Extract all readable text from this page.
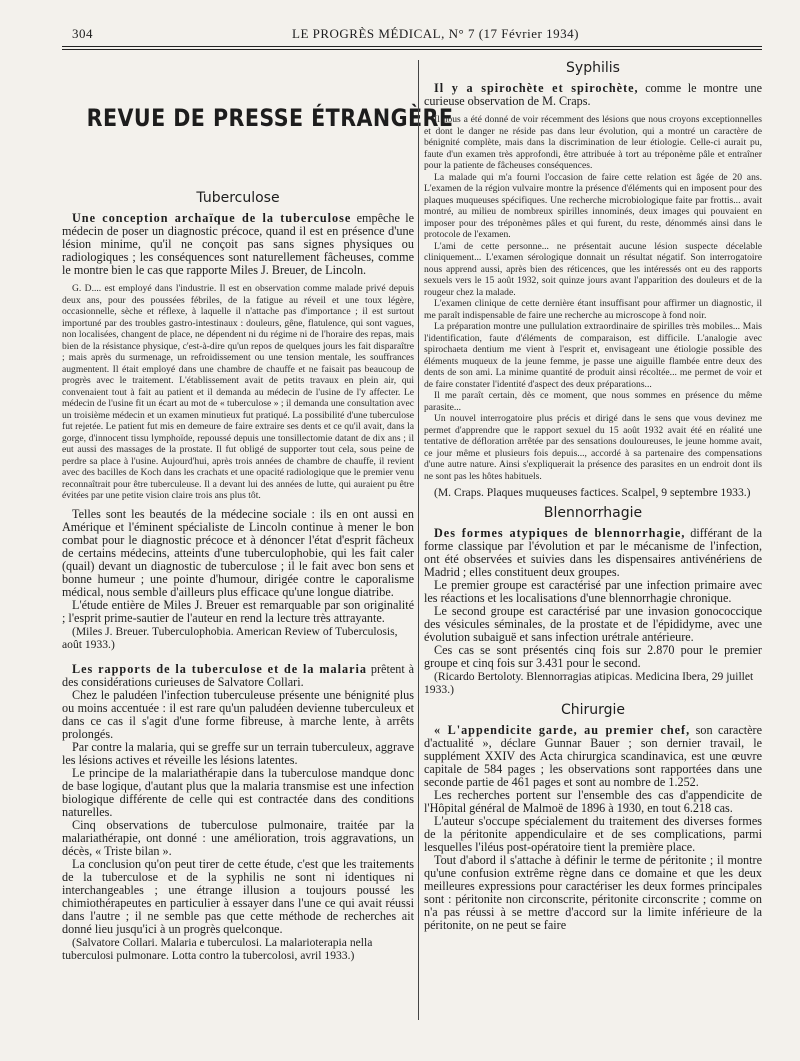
304	LE PROGRÈS MÉDICAL, N° 7 (17 Février 1934)
REVUE DE PRESSE ÉTRANGÈRE
Tuberculose

Une conception archaïque de la tuberculose empêche le médecin de poser un diagnostic précoce, quand il est en présence d'une lésion minime, qu'il ne conçoit pas sans signes physiques ou radiologiques ; les conséquences sont naturellement fâcheuses, comme le montre bien le cas que rapporte Miles J. Breuer, de Lincoln.

G. D.... est employé dans l'industrie. Il est en observation comme malade privé depuis deux ans, pour des poussées fébriles, de la fatigue au réveil et une toux légère, occasionnelle, sèche et réflexe, à laquelle il n'attache pas d'importance ; il est surtout importuné par des troubles gastro-intestinaux : douleurs, gêne, flatulence, qui sont vagues, non localisées, changent de place, ne dépendent ni du régime ni de l'horaire des repas, mais bien de la résistance physique, c'est-à-dire qu'un repos de quelques jours les fait disparaître ; mais après du surmenage, un refroidissement ou une tension mentale, les souffrances augmentent. Il était employé dans une chambre de chauffe et ne faisait pas beaucoup de progrès avec le traitement. L'établissement avait de petits travaux en plein air, qui convenaient tout à fait au patient et il demanda au médecin de l'usine de l'y affecter. Le médecin de l'usine fit un écart au mot de « tuberculose » ; il demanda une consultation avec un troisième médecin et un examen minutieux fut pratiqué. La possibilité d'une tuberculose fut rejetée. Le patient fut mis en demeure de faire extraire ses dents et ce qu'il avait, dans la gorge, d'innocent tissu lymphoïde, repoussé depuis une tonsillectomie datant de dix ans ; il eut aussi des massages de la prostate. Il fut obligé de supporter tout cela, sous peine de perdre sa place à l'usine. Aujourd'hui, après trois années de chambre de chauffe, il revient avec des bacilles de Koch dans les crachats et une opacité radiologique que le premier venu reconnaîtrait pour être tuberculeuse. Il a devant lui des années de lutte, qui auraient pu être évitées par une petite vision claire trois ans plus tôt.

Telles sont les beautés de la médecine sociale : ils en ont aussi en Amérique et l'éminent spécialiste de Lincoln continue à mener le bon combat pour le diagnostic précoce et à dénoncer l'état d'esprit fâcheux de certains médecins, atteints d'une tuberculophobie, qui les fait caler (quail) devant un diagnostic de tuberculose ; il le fait avec bon sens et bonne humeur ; une pointe d'humour, dirigée contre le caporalisme médical, nous semble d'ailleurs plus efficace qu'une longue diatribe.

L'étude entière de Miles J. Breuer est remarquable par son originalité ; l'esprit prime-sautier de l'auteur en rend la lecture très attrayante.

(Miles J. Breuer. Tuberculophobia. American Review of Tuberculosis, août 1933.)

Les rapports de la tuberculose et de la malaria prêtent à des considérations curieuses de Salvatore Collari.

Chez le paludéen l'infection tuberculeuse présente une bénignité plus ou moins accentuée : il est rare qu'un paludéen devienne tuberculeux et dans ce cas il s'agit d'une forme fibreuse, à marche lente, à arrêts prolongés.

Par contre la malaria, qui se greffe sur un terrain tuberculeux, aggrave les lésions actives et réveille les lésions latentes.

Le principe de la malariathérapie dans la tuberculose mandque donc de base logique, d'autant plus que la malaria transmise est une infection biologique différente de celle qui est contractée dans des conditions naturelles.

Cinq observations de tuberculose pulmonaire, traitée par la malariathérapie, ont donné : une amélioration, trois aggravations, un décès, « Triste bilan ».

La conclusion qu'on peut tirer de cette étude, c'est que les traitements de la tuberculose et de la syphilis ne sont ni identiques ni interchangeables ; une étrange illusion a toujours poussé les chimiothérapeutes en particulier à essayer dans l'une ce qui avait réussi dans l'autre ; il ne semble pas que cette méthode de recherches ait donné lieu jusqu'ici à un progrès quelconque.

(Salvatore Collari. Malaria e tuberculosi. La malarioterapia nella tuberculosi pulmonare. Lotta contro la tubercolosi, avril 1933.)

Syphilis

Il y a spirochète et spirochète, comme le montre une curieuse observation de M. Craps.

Il nous a été donné de voir récemment des lésions que nous croyons exceptionnelles et dont le danger ne réside pas dans leur évolution, qui a montré un caractère de bénignité complète, mais dans la discrimination de leur étiologie. Celle-ci aurait pu, faute d'un examen très approfondi, être attribuée à tort au tréponème pâle et entraîner pour la patiente de fâcheuses conséquences.

La malade qui m'a fourni l'occasion de faire cette relation est âgée de 20 ans. L'examen de la région vulvaire montre la présence d'éléments qui en imposent pour des plaques muqueuses spécifiques. Une recherche microbiologique faite par frottis... avait montré, au milieu de nombreux spirilles innominés, deux images qui pouvaient en imposer pour des tréponèmes pâles et qui furent, du reste, dénommés ainsi dans le protocole de l'examen.

L'ami de cette personne... ne présentait aucune lésion suspecte décelable cliniquement... L'examen sérologique donnait un résultat négatif. Son interrogatoire nous apprend aussi, après bien des réticences, que les intéressés ont eu des rapports sexuels vers le 15 août 1932, soit quinze jours avant l'apparition des douleurs et de la rougeur chez la malade.

L'examen clinique de cette dernière étant insuffisant pour affirmer un diagnostic, il me paraît indispensable de faire une recherche au microscope à fond noir.

La préparation montre une pullulation extraordinaire de spirilles très mobiles... Mais l'identification, faute d'éléments de comparaison, est difficile. L'analogie avec spirochaeta dentium me vient à l'esprit et, envisageant une étiologie possible des éléments muqueux de la jeune femme, je passe une aiguille flambée entre deux des dents de son ami. La minime quantité de produit ainsi récoltée... me permet de voir et de faire constater l'identité d'aspect des deux préparations...

Il me paraît certain, dès ce moment, que nous sommes en présence du même parasite...

Un nouvel interrogatoire plus précis et dirigé dans le sens que vous devinez me permet d'apprendre que le rapport sexuel du 15 août 1932 avait été en réalité une tentative de défloration arrêtée par des sensations douloureuses, le jeune homme avait, ce jour même et plusieurs fois depuis..., accordé à sa partenaire des compensations d'une autre nature. Ainsi s'expliquerait la présence des parasites en un endroit dont ils ne sont pas les hôtes habituels.

(M. Craps. Plaques muqueuses factices. Scalpel, 9 septembre 1933.)

Blennorrhagie

Des formes atypiques de blennorrhagie, différant de la forme classique par l'évolution et par le mécanisme de l'infection, ont été observées et suivies dans les dispensaires antivénériens de Madrid ; elles constituent deux groupes.

Le premier groupe est caractérisé par une infection primaire avec les réactions et les localisations d'une blennorrhagie chronique.

Le second groupe est caractérisé par une invasion gonococcique des vésicules séminales, de la prostate et de l'épididyme, avec une évolution subaiguë et sans infection urétrale antérieure.

Ces cas se sont présentés cinq fois sur 2.870 pour le premier groupe et cinq fois sur 3.431 pour le second.

(Ricardo Bertoloty. Blennorragias atipicas. Medicina Ibera, 29 juillet 1933.)

Chirurgie

« L'appendicite garde, au premier chef, son caractère d'actualité », déclare Gunnar Bauer ; son dernier travail, le supplément XXIV des Acta chirurgica scandinavica, est une œuvre capitale de 584 pages ; les observations sont rapportées dans une seconde partie de 461 pages et sont au nombre de 1.252.

Les recherches portent sur l'ensemble des cas d'appendicite de l'Hôpital général de Malmoë de 1896 à 1930, en tout 6.218 cas.

L'auteur s'occupe spécialement du traitement des diverses formes de la péritonite appendiculaire et de ses complications, parmi lesquelles l'iléus post-opératoire tient la première place.

Tout d'abord il s'attache à définir le terme de péritonite ; il montre qu'une confusion extrême règne dans ce domaine et que les deux meilleures expressions pour caractériser les deux formes principales sont : péritonite non circonscrite, péritonite circonscrite ; comme on n'a pas réussi à se mettre d'accord sur la limite inférieure de la péritonite, on ne peut se faire
